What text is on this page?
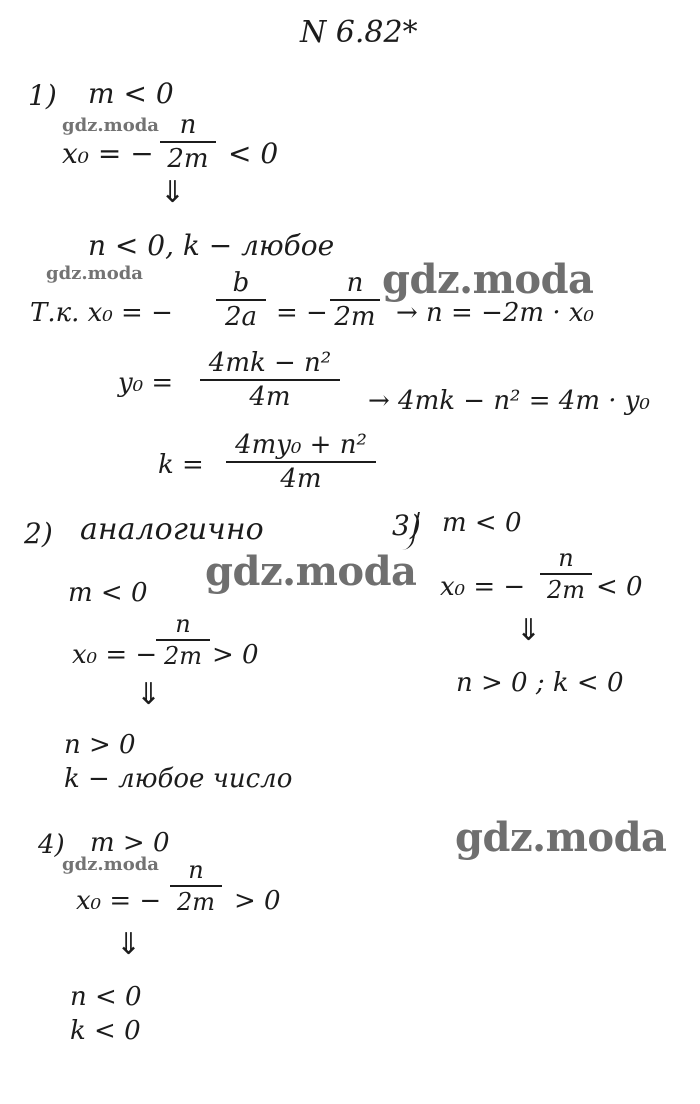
N 6.82*
gdz.moda
gdz.moda	gdz.moda
gdz.moda
gdz.moda
gdz.moda
1) m < 0
x₀ = −
n
2m < 0
⇓
n < 0, k − любое
Т.к. x₀ = −
b
2a = −
n
2m → n = −2m · x₀
y₀ =
4mk − n²
4m	→ 4mk − n² = 4m · y₀
k =
4my₀ + n²
4m
2) аналогично
m < 0
x₀ = −
n
2m > 0
⇓
n > 0
k − любое число
3) m < 0
x₀ = −
n
2m < 0
⇓
n > 0 ; k < 0
4) m > 0
x₀ = −
n
2m > 0
⇓
n < 0
k < 0
